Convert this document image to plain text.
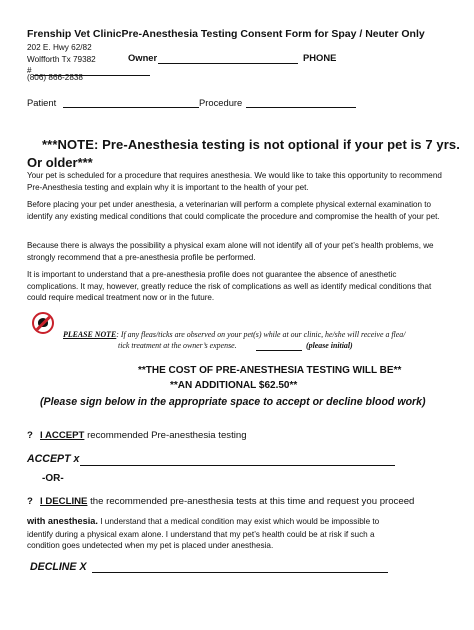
Frenship Vet ClinicPre-Anesthesia Testing Consent Form for Spay / Neuter Only
202 E. Hwy 62/82
Wolfforth Tx 79382
#
(806) 866-2838
Owner	PHONE
Patient	Procedure
***NOTE: Pre-Anesthesia testing is not optional if your pet is 7 yrs.
Or older***
Your pet is scheduled for a procedure that requires anesthesia. We would like to take this opportunity to recommend Pre-Anesthesia testing and explain why it is important to the health of your pet.
Before placing your pet under anesthesia, a veterinarian will perform a complete physical external examination to identify any existing medical conditions that could complicate the procedure and compromise the health of your pet.
Because there is always the possibility a physical exam alone will not identify all of your pet’s health problems, we strongly recommend that a pre-anesthesia profile be performed.
It is important to understand that a pre-anesthesia profile does not guarantee the absence of anesthetic complications. It may, however, greatly reduce the risk of complications as well as identify medical conditions that could require medical treatment now or in the future.
PLEASE NOTE: If any fleas/ticks are observed on your pet(s) while at our clinic, he/she will receive a flea/
tick treatment at the owner’s expense.	(please initial)
**THE COST OF PRE-ANESTHESIA TESTING WILL BE**
**AN ADDITIONAL $62.50**
(Please sign below in the appropriate space to accept or decline blood work)
? I ACCEPT recommended Pre-anesthesia testing
ACCEPT x
-OR-
? I DECLINE the recommended pre-anesthesia tests at this time and request you proceed
with anesthesia. I understand that a medical condition may exist which would be impossible to
identify during a physical exam alone. I understand that my pet’s health could be at risk if such a
condition goes undetected when my pet is placed under anesthesia.
DECLINE X
